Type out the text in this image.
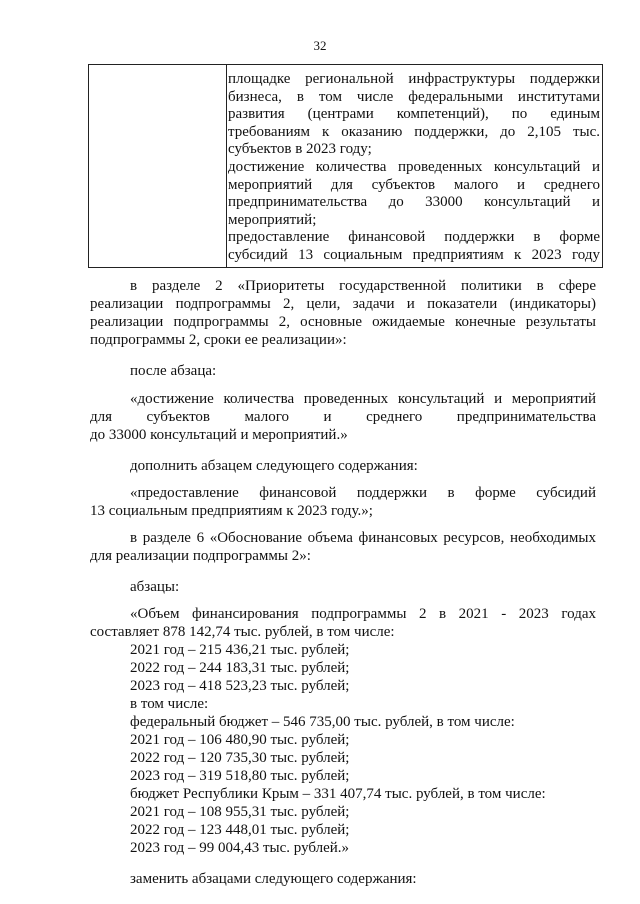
32
площадке региональной инфраструктуры поддержки
бизнеса, в том числе федеральными институтами
развития (центрами компетенций), по единым
требованиям к оказанию поддержки, до 2,105 тыс.
субъектов в 2023 году;
достижение количества проведенных консультаций и
мероприятий для субъектов малого и среднего
предпринимательства до 33000 консультаций и
мероприятий;
предоставление финансовой поддержки в форме
субсидий 13 социальным предприятиям к 2023 году
в разделе 2 «Приоритеты государственной политики в сфере
реализации подпрограммы 2, цели, задачи и показатели (индикаторы)
реализации подпрограммы 2, основные ожидаемые конечные результаты
подпрограммы 2, сроки ее реализации»:
после абзаца:
«достижение количества проведенных консультаций и мероприятий
для субъектов малого и среднего предпринимательства
до 33000 консультаций и мероприятий.»
дополнить абзацем следующего содержания:
«предоставление финансовой поддержки в форме субсидий
13 социальным предприятиям к 2023 году.»;
в разделе 6 «Обоснование объема финансовых ресурсов, необходимых
для реализации подпрограммы 2»:
абзацы:
«Объем финансирования подпрограммы 2 в 2021 - 2023 годах
составляет 878 142,74 тыс. рублей, в том числе:
2021 год – 215 436,21 тыс. рублей;
2022 год – 244 183,31 тыс. рублей;
2023 год – 418 523,23 тыс. рублей;
в том числе:
федеральный бюджет – 546 735,00 тыс. рублей, в том числе:
2021 год – 106 480,90 тыс. рублей;
2022 год – 120 735,30 тыс. рублей;
2023 год – 319 518,80 тыс. рублей;
бюджет Республики Крым – 331 407,74 тыс. рублей, в том числе:
2021 год – 108 955,31 тыс. рублей;
2022 год – 123 448,01 тыс. рублей;
2023 год – 99 004,43 тыс. рублей.»
заменить абзацами следующего содержания:
